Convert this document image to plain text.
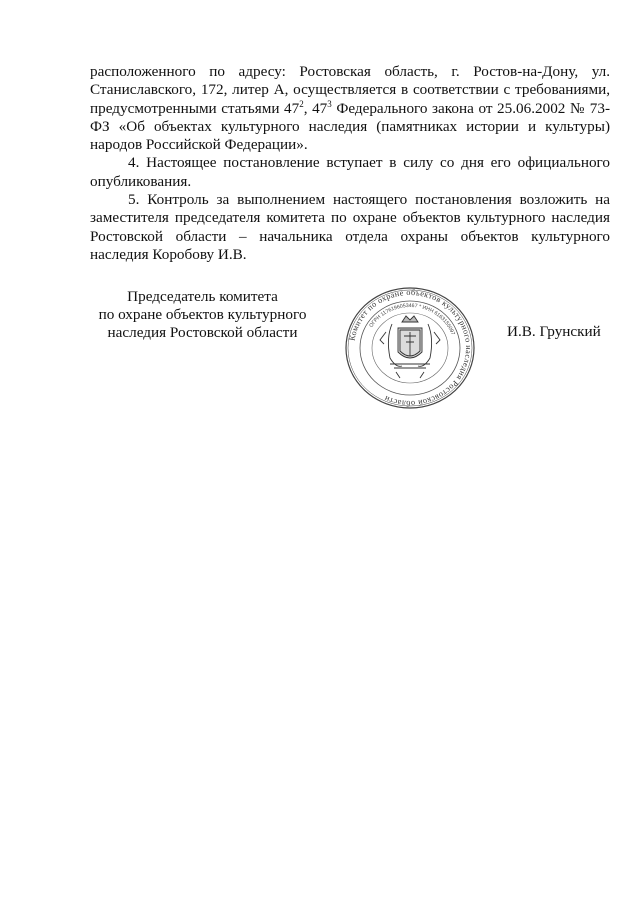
расположенного по адресу: Ростовская область, г. Ростов-на-Дону, ул. Станиславского, 172, литер А, осуществляется в соответствии с требованиями, предусмотренными статьями $47^2$, $47^3$ Федерального закона от 25.06.2002 № 73-ФЗ «Об объектах культурного наследия (памятниках истории и культуры) народов Российской Федерации».

4. Настоящее постановление вступает в силу со дня его официального опубликования.

5. Контроль за выполнением настоящего постановления возложить на заместителя председателя комитета по охране объектов культурного наследия Ростовской области – начальника отдела охраны объектов культурного наследия Коробову И.В.

Председатель комитета
по охране объектов культурного
наследия Ростовской области	Комитет по охране объектов культурного наследия Ростовской области
ОГРН 1176196053467 * ИНН 6163155097	И.В. Грунский
